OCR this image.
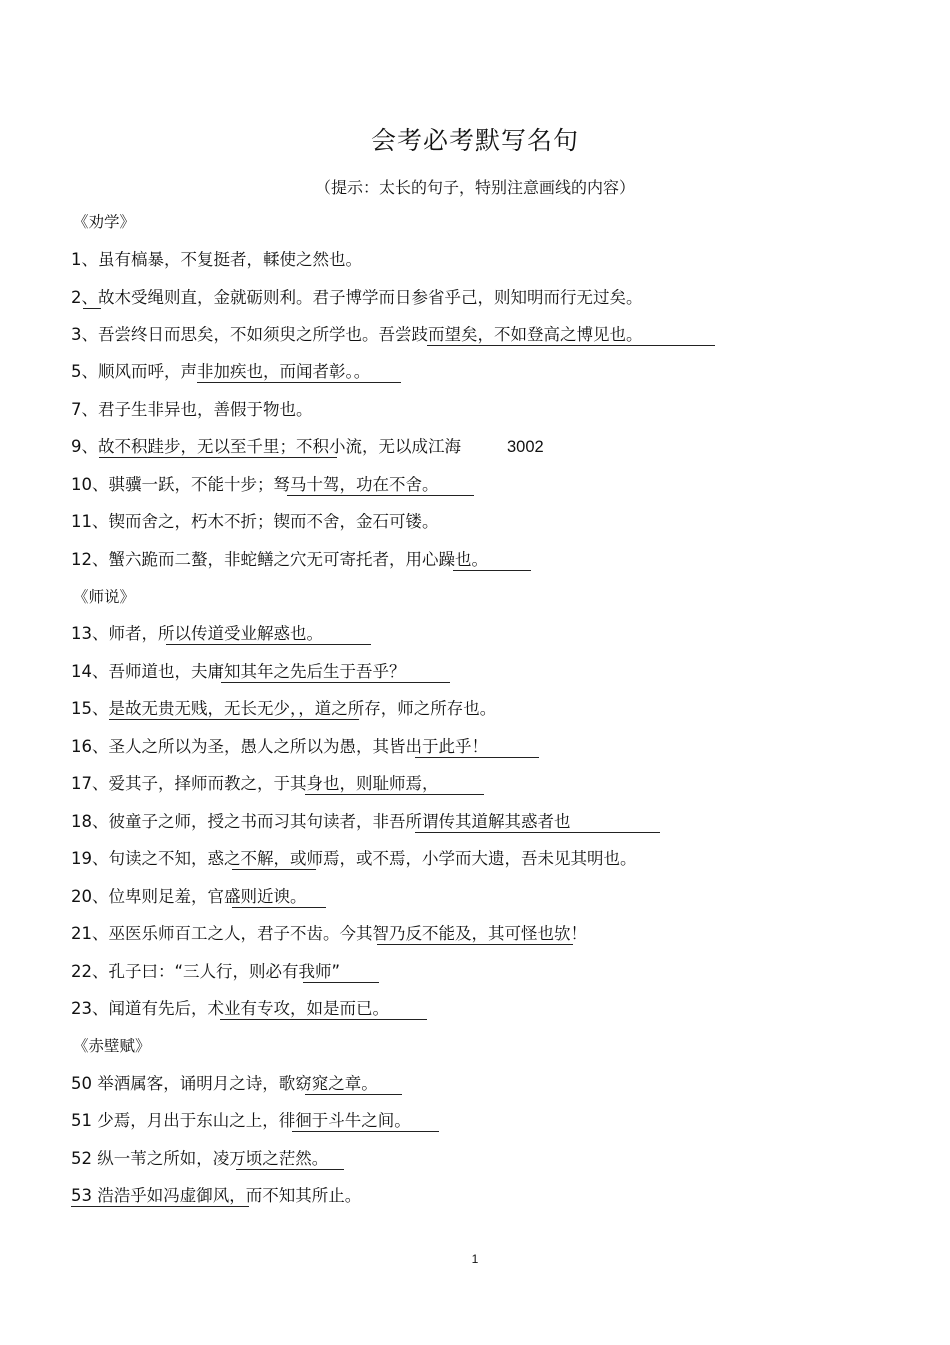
会考必考默写名句
（提示：太长的句子，特别注意画线的内容）
《劝学》
1、虽有槁暴，不复挺者，輮使之然也。
2、故木受绳则直，金就砺则利。君子博学而日参省乎己，则知明而行无过矣。
3、吾尝终日而思矣，不如须臾之所学也。吾尝跂而望矣，不如登高之博见也。
5、顺风而呼，声非加疾也，而闻者彰。。
7、君子生非异也，善假于物也。
9、故不积跬步，无以至千里；不积小流，无以成江海	3002
10、骐骥一跃，不能十步；驽马十驾，功在不舍。
11、锲而舍之，朽木不折；锲而不舍，金石可镂。
12、蟹六跪而二螯，非蛇鳝之穴无可寄托者，用心躁也。
《师说》
13、师者，所以传道受业解惑也。
14、吾师道也，夫庸知其年之先后生于吾乎？
15、是故无贵无贱，无长无少，，道之所存，师之所存也。
16、圣人之所以为圣，愚人之所以为愚，其皆出于此乎！
17、爱其子，择师而教之，于其身也，则耻师焉，
18、彼童子之师，授之书而习其句读者，非吾所谓传其道解其惑者也
19、句读之不知，惑之不解，或师焉，或不焉，小学而大遗，吾未见其明也。
20、位卑则足羞，官盛则近谀。
21、巫医乐师百工之人，君子不齿。今其智乃反不能及，其可怪也欤！
22、孔子曰：“三人行，则必有我师”
23、闻道有先后，术业有专攻，如是而已。
《赤壁赋》
50 举酒属客，诵明月之诗，歌窈窕之章。
51 少焉，月出于东山之上，徘徊于斗牛之间。
52 纵一苇之所如，凌万顷之茫然。
53 浩浩乎如冯虚御风，而不知其所止。
1
